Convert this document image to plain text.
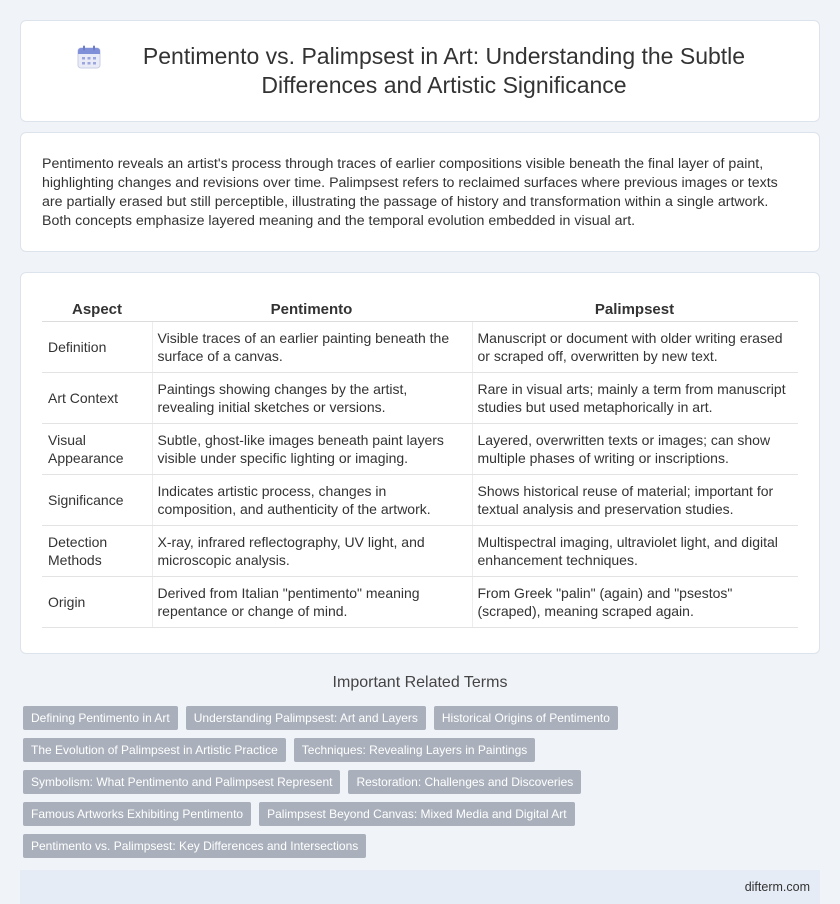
Pentimento vs. Palimpsest in Art: Understanding the Subtle Differences and Artistic Significance

Pentimento reveals an artist's process through traces of earlier compositions visible beneath the final layer of paint, highlighting changes and revisions over time. Palimpsest refers to reclaimed surfaces where previous images or texts are partially erased but still perceptible, illustrating the passage of history and transformation within a single artwork. Both concepts emphasize layered meaning and the temporal evolution embedded in visual art.

Aspect	Pentimento	Palimpsest
Definition	Visible traces of an earlier painting beneath the surface of a canvas.	Manuscript or document with older writing erased or scraped off, overwritten by new text.
Art Context	Paintings showing changes by the artist, revealing initial sketches or versions.	Rare in visual arts; mainly a term from manuscript studies but used metaphorically in art.
Visual Appearance	Subtle, ghost-like images beneath paint layers visible under specific lighting or imaging.	Layered, overwritten texts or images; can show multiple phases of writing or inscriptions.
Significance	Indicates artistic process, changes in composition, and authenticity of the artwork.	Shows historical reuse of material; important for textual analysis and preservation studies.
Detection Methods	X-ray, infrared reflectography, UV light, and microscopic analysis.	Multispectral imaging, ultraviolet light, and digital enhancement techniques.
Origin	Derived from Italian "pentimento" meaning repentance or change of mind.	From Greek "palin" (again) and "psestos" (scraped), meaning scraped again.
Important Related Terms
Defining Pentimento in Art	Understanding Palimpsest: Art and Layers	Historical Origins of Pentimento
The Evolution of Palimpsest in Artistic Practice	Techniques: Revealing Layers in Paintings
Symbolism: What Pentimento and Palimpsest Represent	Restoration: Challenges and Discoveries
Famous Artworks Exhibiting Pentimento	Palimpsest Beyond Canvas: Mixed Media and Digital Art
Pentimento vs. Palimpsest: Key Differences and Intersections
difterm.com
